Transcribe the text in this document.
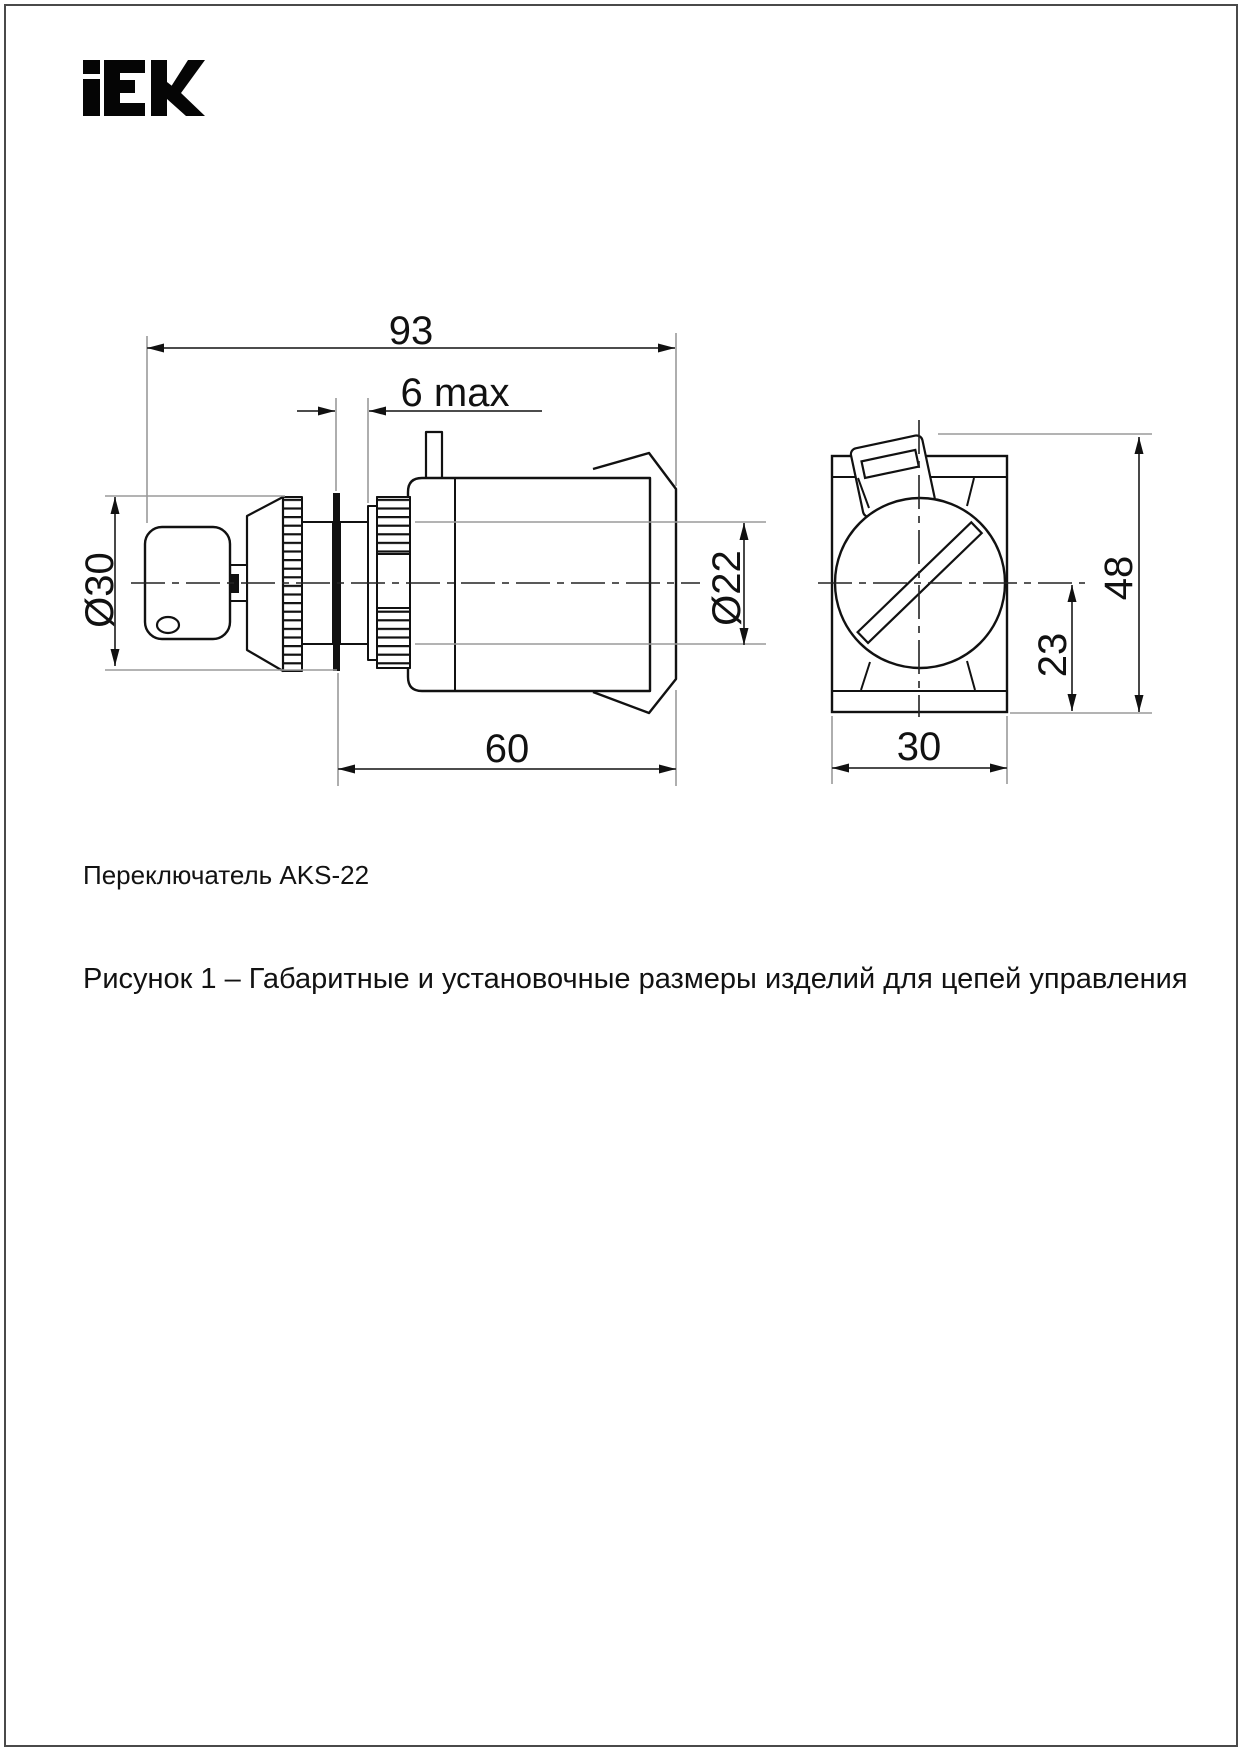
93
6 max
Ø30	Ø22
60	30
23
48
Переключатель AKS-22
Рисунок 1 – Габаритные и установочные размеры изделий для цепей управления
